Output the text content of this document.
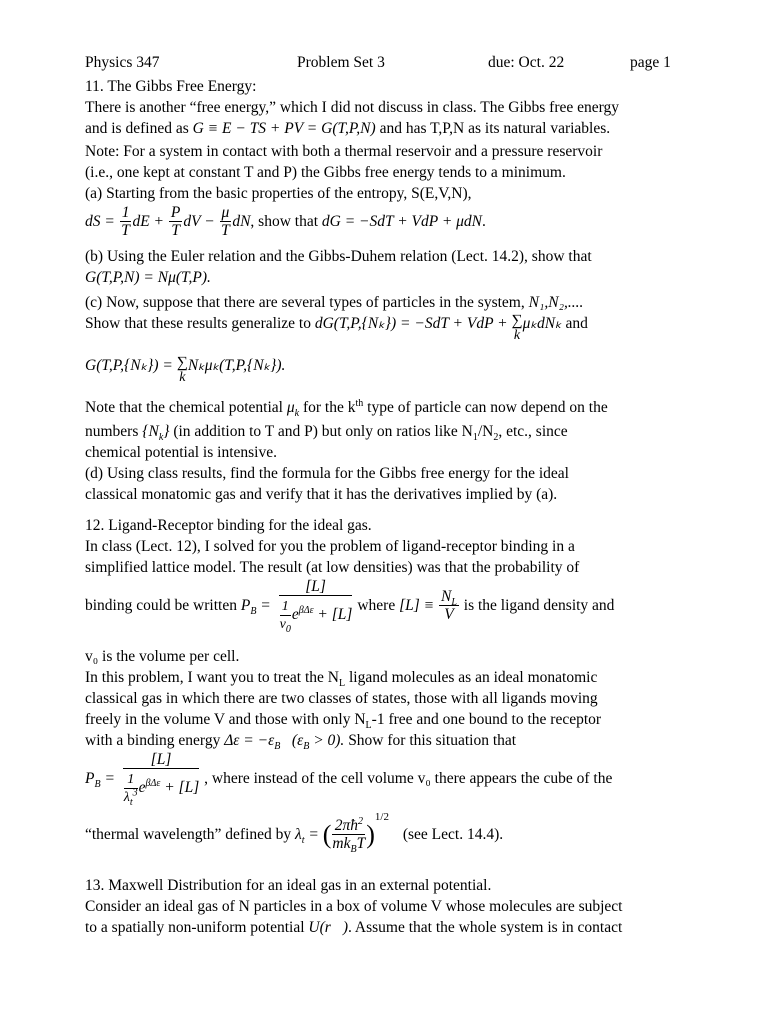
Physics 347	Problem Set 3	due: Oct. 22	page 1

11. The Gibbs Free Energy:

There is another “free energy,” which I did not discuss in class. The Gibbs free energy

and is defined as G ≡ E − TS + PV = G(T,P,N) and has T,P,N as its natural variables.

Note: For a system in contact with both a thermal reservoir and a pressure reservoir

(i.e., one kept at constant T and P) the Gibbs free energy tends to a minimum.

(a) Starting from the basic properties of the entropy, S(E,V,N),

dS = $\frac{1}{T}$ dE + $\frac{P}{T}$ dV − $\frac{\mu}{T}$ dN, show that dG = −SdT + VdP + μdN.

(b) Using the Euler relation and the Gibbs-Duhem relation (Lect. 14.2), show that

G(T,P,N) = Nμ(T,P).

(c) Now, suppose that there are several types of particles in the system, N₁,N₂,....

Show that these results generalize to dG(T,P,{Nₖ}) = −SdT + VdP + ∑
k
μₖdNₖ and
G(T,P,{Nₖ}) = ∑
k
Nₖμₖ(T,P,{Nₖ}).

Note that the chemical potential $\mu_k$ for the $k^{th}$ type of particle can now depend on the

numbers $\{N_k\}$ (in addition to T and P) but only on ratios like $N_1/N_2$, etc., since

chemical potential is intensive.

(d) Using class results, find the formula for the Gibbs free energy for the ideal

classical monatomic gas and verify that it has the derivatives implied by (a).

12. Ligand-Receptor binding for the ideal gas.

In class (Lect. 12), I solved for you the problem of ligand-receptor binding in a

simplified lattice model. The result (at low densities) was that the probability of

binding could be written $P_B = \frac{[L]}{\frac{1}{v_0} e^{\beta\Delta\varepsilon} + [L]}$ where $[L] \equiv \frac{N_L}{V}$ is the ligand density and

v₀ is the volume per cell.

In this problem, I want you to treat the $N_L$ ligand molecules as an ideal monatomic

classical gas in which there are two classes of states, those with all ligands moving

freely in the volume V and those with only $N_L-1$ free and one bound to the receptor

with a binding energy $\Delta\varepsilon = -\varepsilon_B$ $(\varepsilon_B > 0)$. Show for this situation that

$P_B = \frac{[L]}{\frac{1}{\lambda_t^3} e^{\beta\Delta\varepsilon} + [L]}$ , where instead of the cell volume v₀ there appears the cube of the
“thermal wavelength” defined by $\lambda_t$ = ( $\frac{2\pi ħ^2}{mk_BT} )^{1/2}$ (see Lect. 14.4).

13. Maxwell Distribution for an ideal gas in an external potential.

Consider an ideal gas of N particles in a box of volume V whose molecules are subject

to a spatially non-uniform potential U(r⃗). Assume that the whole system is in contact
